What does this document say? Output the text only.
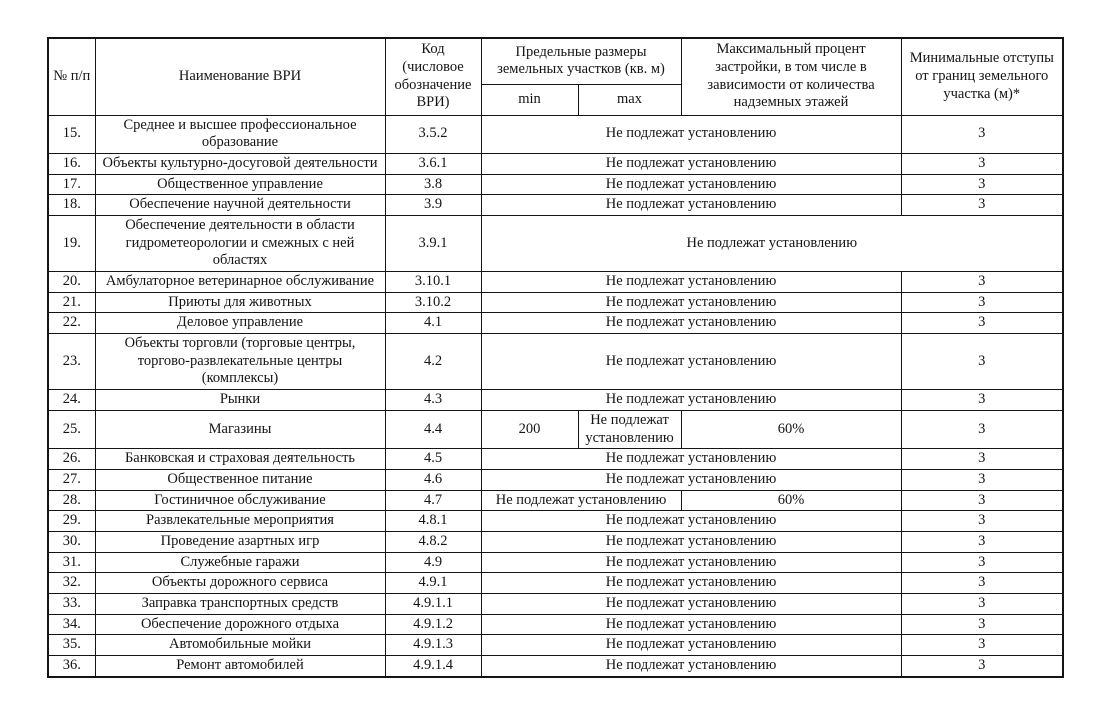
№ п/п	Наименование ВРИ	Код (числовое обозначение ВРИ)	Предельные размеры земельных участков (кв. м)		Максимальный процент застройки, в том числе в зависимости от количества надземных этажей	Минимальные отступы от границ земельного участка (м)*
			min	max		
15.	Среднее и высшее профессиональное образование	3.5.2	Не подлежат установлению			3
16.	Объекты культурно-досуговой деятельности	3.6.1	Не подлежат установлению			3
17.	Общественное управление	3.8	Не подлежат установлению			3
18.	Обеспечение научной деятельности	3.9	Не подлежат установлению			3
19.	Обеспечение деятельности в области гидрометеорологии и смежных с ней областях	3.9.1	Не подлежат установлению			
20.	Амбулаторное ветеринарное обслуживание	3.10.1	Не подлежат установлению			3
21.	Приюты для животных	3.10.2	Не подлежат установлению			3
22.	Деловое управление	4.1	Не подлежат установлению			3
23.	Объекты торговли (торговые центры, торгово-развлекательные центры (комплексы)	4.2	Не подлежат установлению			3
24.	Рынки	4.3	Не подлежат установлению			3
25.	Магазины	4.4	200	Не подлежат установлению	60%	3
26.	Банковская и страховая деятельность	4.5	Не подлежат установлению			3
27.	Общественное питание	4.6	Не подлежат установлению			3
28.	Гостиничное обслуживание	4.7	Не подлежат установлению		60%	3
29.	Развлекательные мероприятия	4.8.1	Не подлежат установлению			3
30.	Проведение азартных игр	4.8.2	Не подлежат установлению			3
31.	Служебные гаражи	4.9	Не подлежат установлению			3
32.	Объекты дорожного сервиса	4.9.1	Не подлежат установлению			3
33.	Заправка транспортных средств	4.9.1.1	Не подлежат установлению			3
34.	Обеспечение дорожного отдыха	4.9.1.2	Не подлежат установлению			3
35.	Автомобильные мойки	4.9.1.3	Не подлежат установлению			3
36.	Ремонт автомобилей	4.9.1.4	Не подлежат установлению			3
